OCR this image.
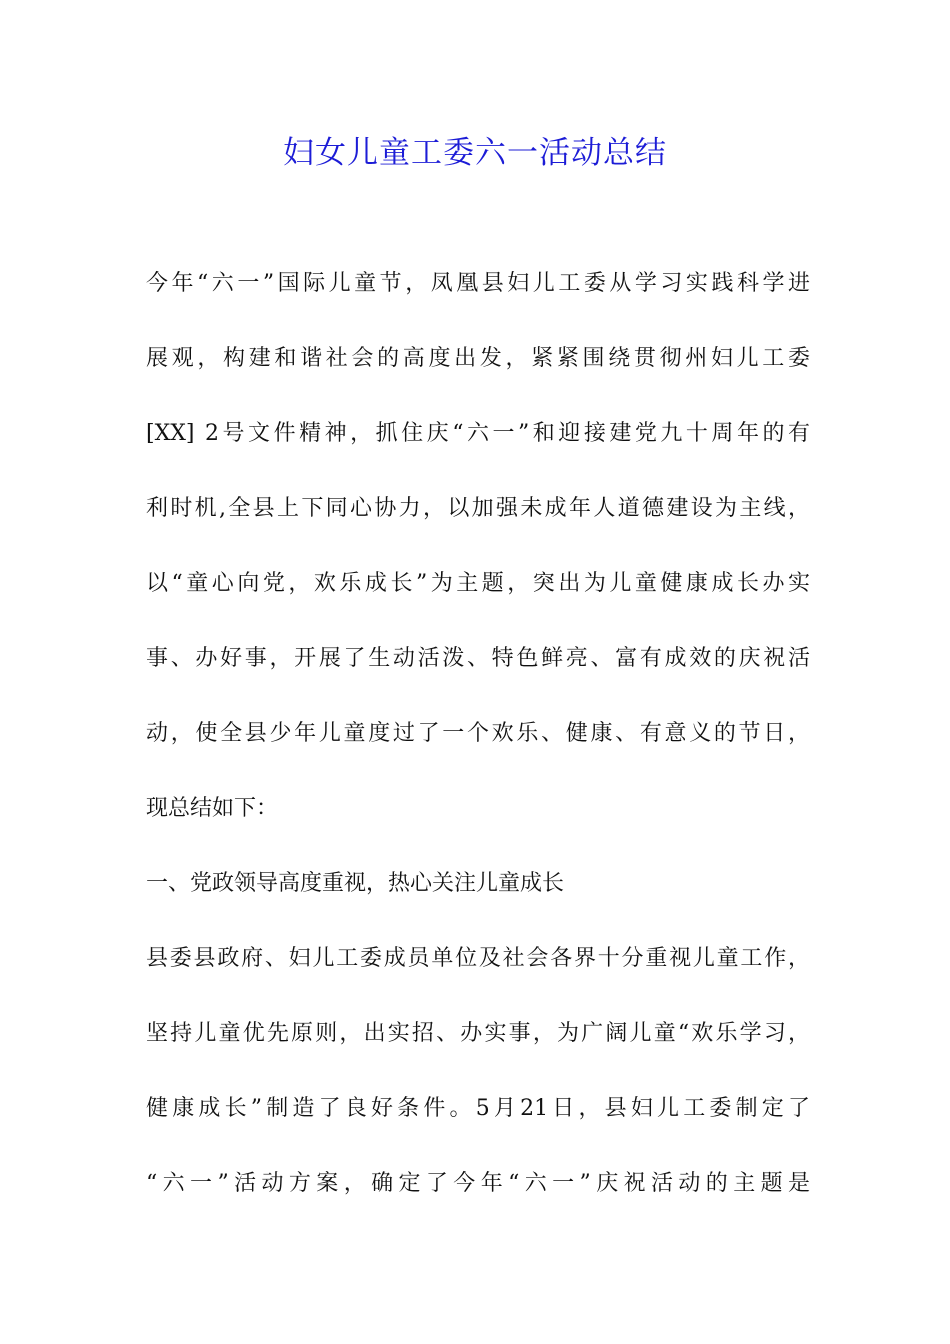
妇女儿童工委六一活动总结
今年“六一”国际儿童节，凤凰县妇儿工委从学习实践科学进
展观，构建和谐社会的高度出发，紧紧围绕贯彻州妇儿工委
[XX] 2号文件精神，抓住庆“六一”和迎接建党九十周年的有
利时机,全县上下同心协力，以加强未成年人道德建设为主线，
以“童心向党，欢乐成长”为主题，突出为儿童健康成长办实
事、办好事，开展了生动活泼、特色鲜亮、富有成效的庆祝活
动，使全县少年儿童度过了一个欢乐、健康、有意义的节日，
现总结如下：
一、党政领导高度重视，热心关注儿童成长
县委县政府、妇儿工委成员单位及社会各界十分重视儿童工作，
坚持儿童优先原则，出实招、办实事，为广阔儿童“欢乐学习，
健康成长”制造了良好条件。5月21日，县妇儿工委制定了
“六一”活动方案，确定了今年“六一”庆祝活动的主题是
